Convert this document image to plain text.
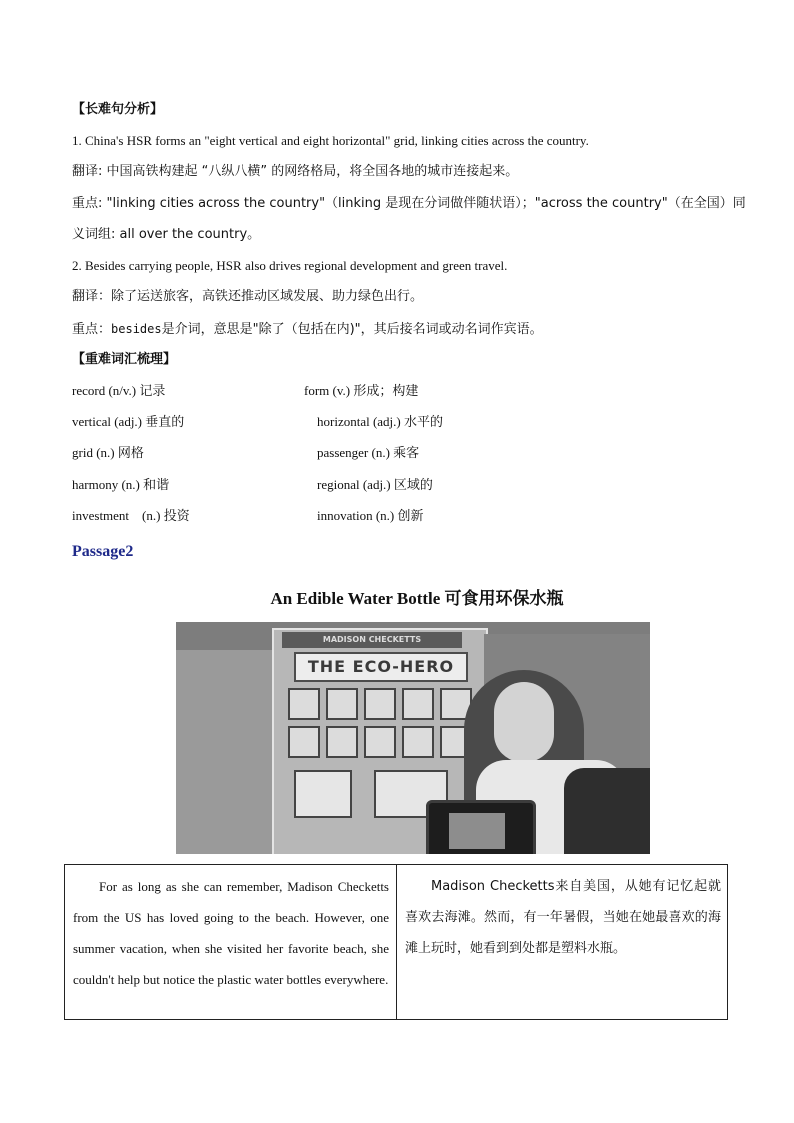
【长难句分析】
1. China's HSR forms an "eight vertical and eight horizontal" grid, linking cities across the country.
翻译: 中国高铁构建起 “八纵八横” 的网络格局，将全国各地的城市连接起来。
重点: "linking cities across the country"（linking 是现在分词做伴随状语）；"across the country"（在全国）同
义词组: all over the country。
2. Besides carrying people, HSR also drives regional development and green travel.
翻译：除了运送旅客，高铁还推动区域发展、助力绿色出行。
重点：besides是介词，意思是"除了（包括在内)"，其后接名词或动名词作宾语。
【重难词汇梳理】
record (n/v.) 记录	form (v.) 形成；构建
vertical (adj.) 垂直的	horizontal (adj.) 水平的
grid (n.) 网格	passenger (n.) 乘客
harmony (n.) 和谐	regional (adj.) 区域的
investment    (n.) 投资	innovation (n.) 创新
Passage2
An Edible Water Bottle 可食用环保水瓶
MADISON CHECKETTS
THE ECO-HERO
For as long as she can remember, Madison Checketts from the US has loved going to the beach. However, one summer vacation, when she visited her favorite beach, she couldn't help but notice the plastic water bottles everywhere.
Madison Checketts来自美国，从她有记忆起就喜欢去海滩。然而，有一年暑假，当她在她最喜欢的海滩上玩时，她看到到处都是塑料水瓶。
